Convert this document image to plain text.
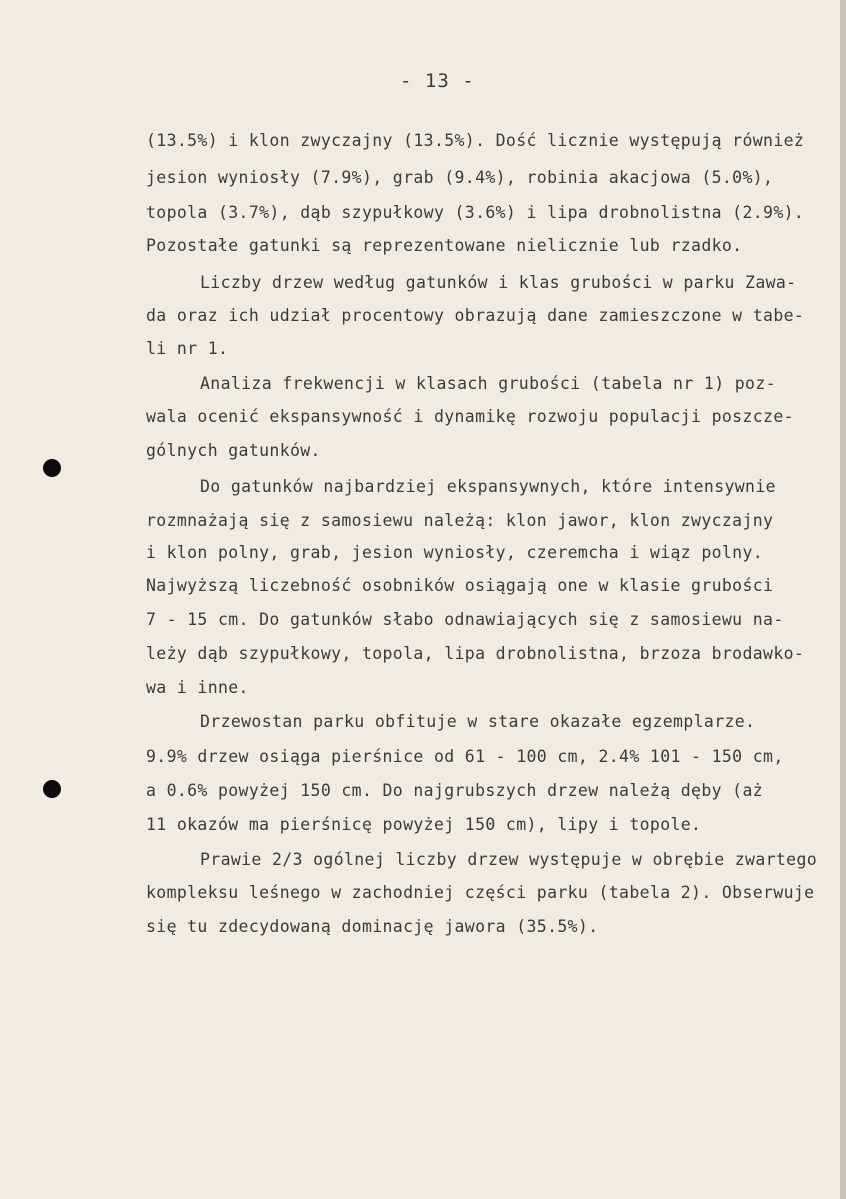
- 13 -
(13.5%) i klon zwyczajny (13.5%). Dość licznie występują również
jesion wyniosły (7.9%), grab (9.4%), robinia akacjowa (5.0%),
topola (3.7%), dąb szypułkowy (3.6%) i lipa drobnolistna (2.9%).
Pozostałe gatunki są reprezentowane nielicznie lub rzadko.
Liczby drzew według gatunków i klas grubości w parku Zawa-
da oraz ich udział procentowy obrazują dane zamieszczone w tabe-
li nr 1.
Analiza frekwencji w klasach grubości (tabela nr 1) poz-
wala ocenić ekspansywność i dynamikę rozwoju populacji poszcze-
gólnych gatunków.
Do gatunków najbardziej ekspansywnych, które intensywnie
rozmnażają się z samosiewu należą: klon jawor, klon zwyczajny
i klon polny, grab, jesion wyniosły, czeremcha i wiąz polny.
Najwyższą liczebność osobników osiągają one w klasie grubości
7 - 15 cm. Do gatunków słabo odnawiających się z samosiewu na-
leży dąb szypułkowy, topola, lipa drobnolistna, brzoza brodawko-
wa i inne.
Drzewostan parku obfituje w stare okazałe egzemplarze.
9.9% drzew osiąga pierśnice od 61 - 100 cm, 2.4% 101 - 150 cm,
a 0.6% powyżej 150 cm. Do najgrubszych drzew należą dęby (aż
11 okazów ma pierśnicę powyżej 150 cm), lipy i topole.
Prawie 2/3 ogólnej liczby drzew występuje w obrębie zwartego
kompleksu leśnego w zachodniej części parku (tabela 2). Obserwuje
się tu zdecydowaną dominację jawora (35.5%).
